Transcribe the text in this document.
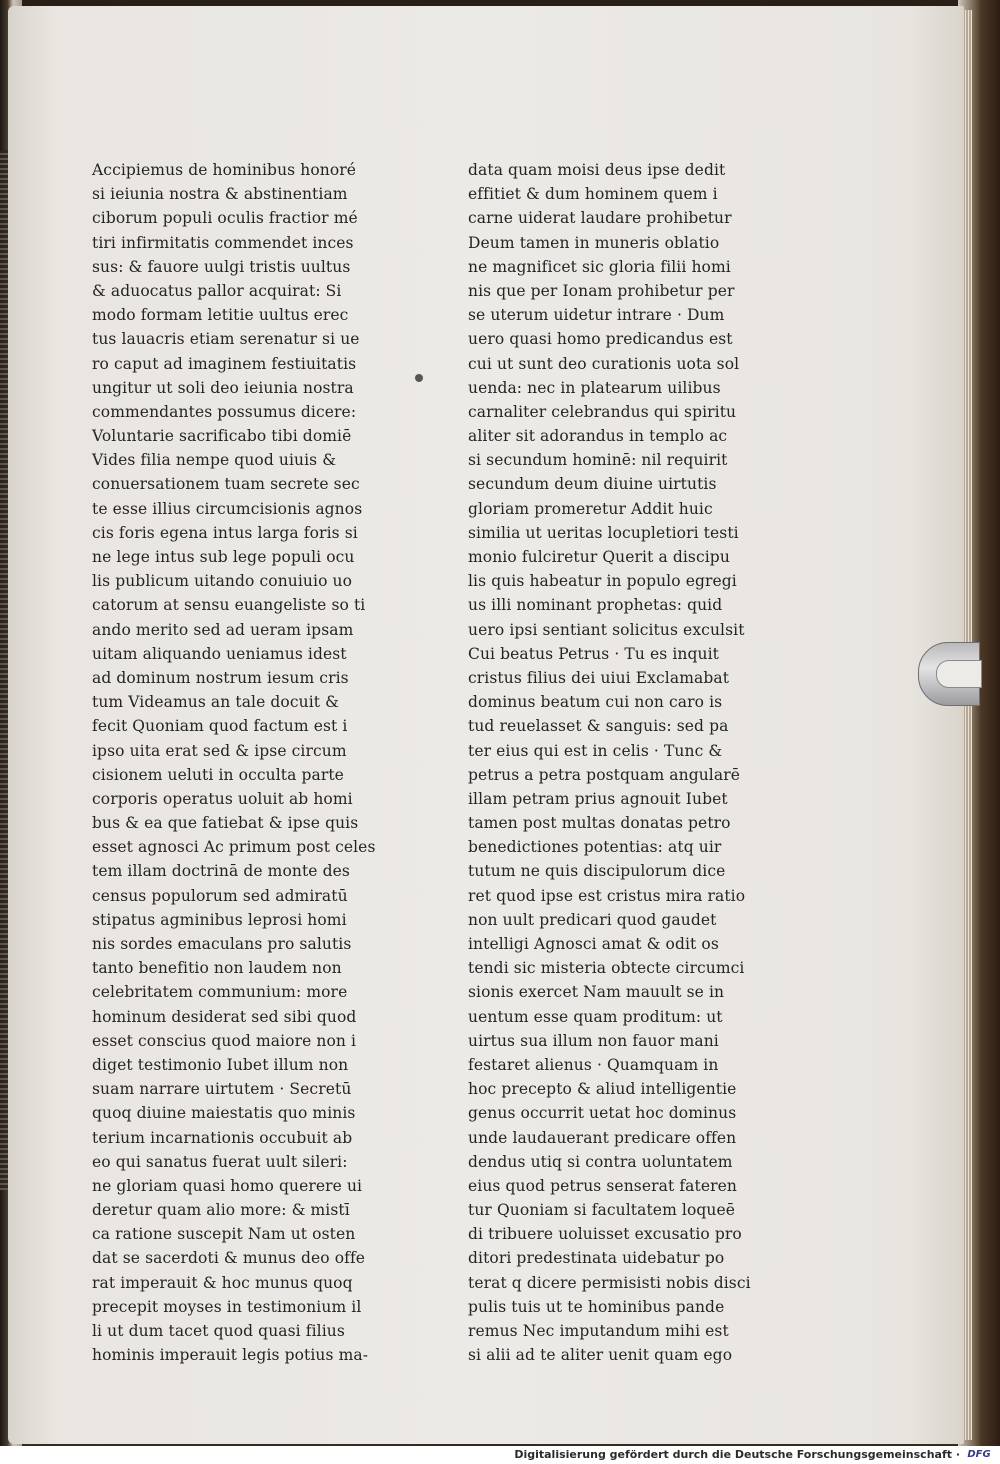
Accipiemus de hominibus honoré
si ieiunia nostra & abstinentiam
ciborum populi oculis fractior mé
tiri infirmitatis commendet inces
sus: & fauore uulgi tristis uultus
& aduocatus pallor acquirat: Si
modo formam letitie uultus erec
tus lauacris etiam serenatur si ue
ro caput ad imaginem festiuitatis
ungitur ut soli deo ieiunia nostra
commendantes possumus dicere:
Voluntarie sacrificabo tibi domiē
Vides filia nempe quod uiuis &
conuersationem tuam secrete sec
te esse illius circumcisionis agnos
cis foris egena intus larga foris si
ne lege intus sub lege populi ocu
lis publicum uitando conuiuio uo
catorum at sensu euangeliste so ti
ando merito sed ad ueram ipsam
uitam aliquando ueniamus idest
ad dominum nostrum iesum cris
tum Videamus an tale docuit &
fecit Quoniam quod factum est i
ipso uita erat sed & ipse circum
cisionem ueluti in occulta parte
corporis operatus uoluit ab homi
bus & ea que fatiebat & ipse quis
esset agnosci Ac primum post celes
tem illam doctrinā de monte des
census populorum sed admiratū
stipatus agminibus leprosi homi
nis sordes emaculans pro salutis
tanto benefitio non laudem non
celebritatem communium: more
hominum desiderat sed sibi quod
esset conscius quod maiore non i
diget testimonio Iubet illum non
suam narrare uirtutem · Secretū
quoq diuine maiestatis quo minis
terium incarnationis occubuit ab
eo qui sanatus fuerat uult sileri:
ne gloriam quasi homo querere ui
deretur quam alio more: & mistī
ca ratione suscepit Nam ut osten
dat se sacerdoti & munus deo offe
rat imperauit & hoc munus quoq
precepit moyses in testimonium il
li ut dum tacet quod quasi filius
hominis imperauit legis potius ma-
data quam moisi deus ipse dedit
effitiet & dum hominem quem i
carne uiderat laudare prohibetur
Deum tamen in muneris oblatio
ne magnificet sic gloria filii homi
nis que per Ionam prohibetur per
se uterum uidetur intrare · Dum
uero quasi homo predicandus est
cui ut sunt deo curationis uota sol
uenda: nec in platearum uilibus
carnaliter celebrandus qui spiritu
aliter sit adorandus in templo ac
si secundum hominē: nil requirit
secundum deum diuine uirtutis
gloriam promeretur Addit huic
similia ut ueritas locupletiori testi
monio fulciretur Querit a discipu
lis quis habeatur in populo egregi
us illi nominant prophetas: quid
uero ipsi sentiant solicitus exculsit
Cui beatus Petrus · Tu es inquit
cristus filius dei uiui Exclamabat
dominus beatum cui non caro is
tud reuelasset & sanguis: sed pa
ter eius qui est in celis · Tunc &
petrus a petra postquam angularē
illam petram prius agnouit Iubet
tamen post multas donatas petro
benedictiones potentias: atq uir
tutum ne quis discipulorum dice
ret quod ipse est cristus mira ratio
non uult predicari quod gaudet
intelligi Agnosci amat & odit os
tendi sic misteria obtecte circumci
sionis exercet Nam mauult se in
uentum esse quam proditum: ut
uirtus sua illum non fauor mani
festaret alienus · Quamquam in
hoc precepto & aliud intelligentie
genus occurrit uetat hoc dominus
unde laudauerant predicare offen
dendus utiq si contra uoluntatem
eius quod petrus senserat fateren
tur Quoniam si facultatem loqueē
di tribuere uoluisset excusatio pro
ditori predestinata uidebatur po
terat q dicere permisisti nobis disci
pulis tuis ut te hominibus pande
remus Nec imputandum mihi est
si alii ad te aliter uenit quam ego
Digitalisierung gefördert durch die Deutsche Forschungsgemeinschaft · DFG
